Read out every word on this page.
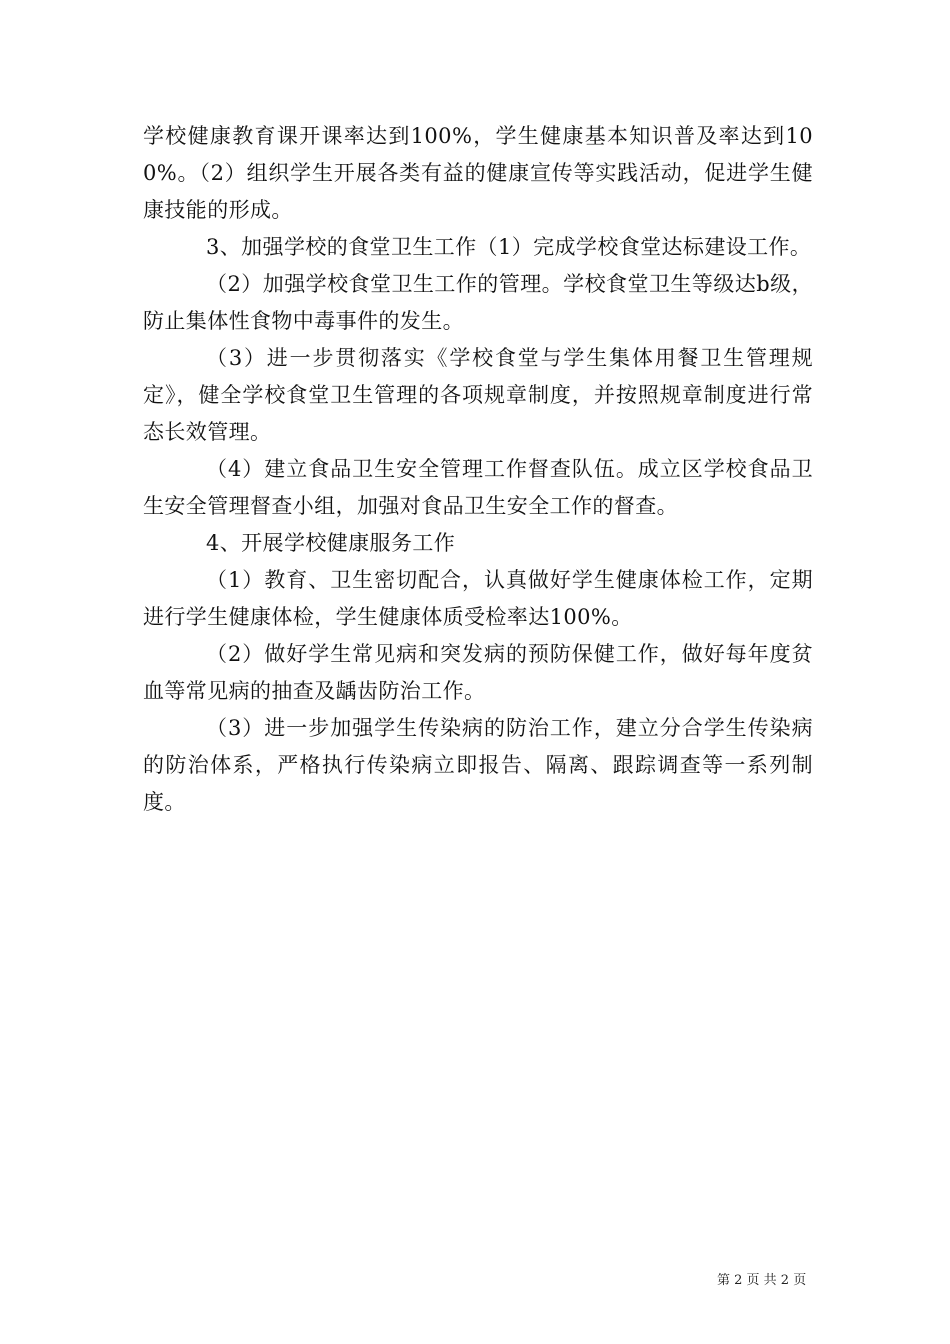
学校健康教育课开课率达到100%，学生健康基本知识普及率达到100%。（2）组织学生开展各类有益的健康宣传等实践活动，促进学生健康技能的形成。

3、加强学校的食堂卫生工作（1）完成学校食堂达标建设工作。

（2）加强学校食堂卫生工作的管理。学校食堂卫生等级达b级，防止集体性食物中毒事件的发生。

（3）进一步贯彻落实《学校食堂与学生集体用餐卫生管理规定》，健全学校食堂卫生管理的各项规章制度，并按照规章制度进行常态长效管理。

（4）建立食品卫生安全管理工作督查队伍。成立区学校食品卫生安全管理督查小组，加强对食品卫生安全工作的督查。

4、开展学校健康服务工作

（1）教育、卫生密切配合，认真做好学生健康体检工作，定期进行学生健康体检，学生健康体质受检率达100%。

（2）做好学生常见病和突发病的预防保健工作，做好每年度贫血等常见病的抽查及龋齿防治工作。

（3）进一步加强学生传染病的防治工作，建立分合学生传染病的防治体系，严格执行传染病立即报告、隔离、跟踪调查等一系列制度。

第 2 页 共 2 页
